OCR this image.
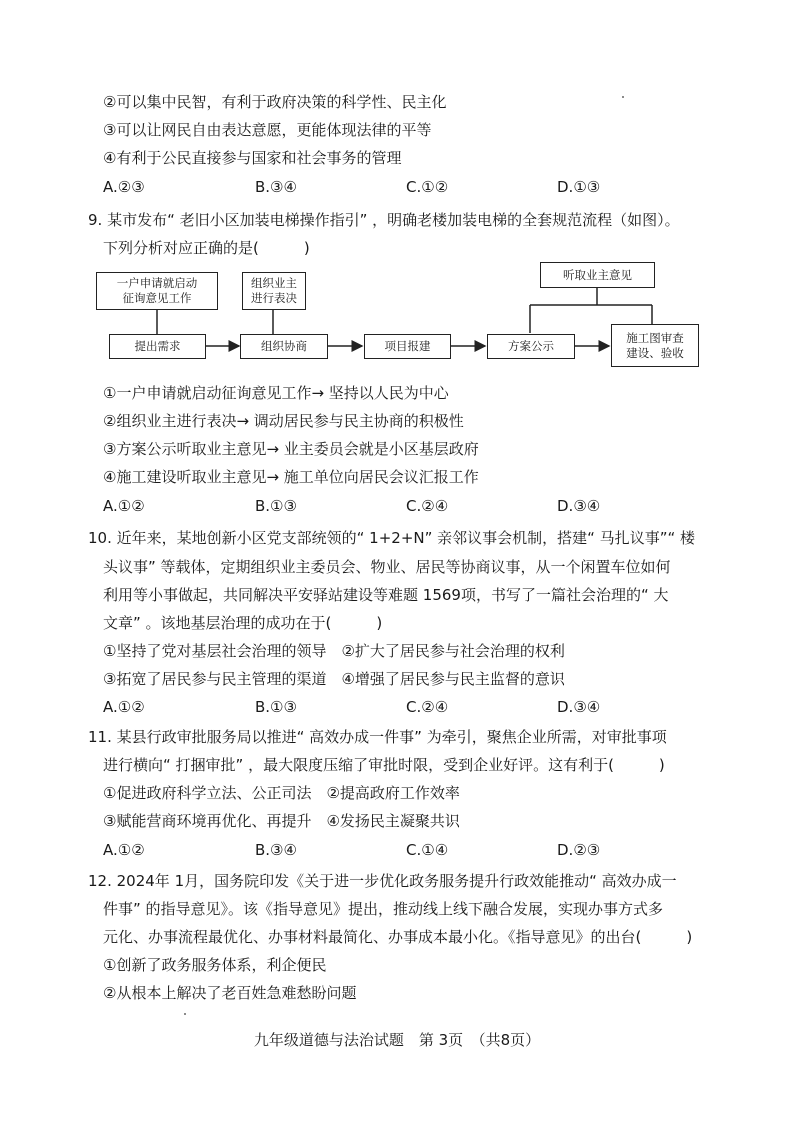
②可以集中民智，有利于政府决策的科学性、民主化
③可以让网民自由表达意愿，更能体现法律的平等
④有利于公民直接参与国家和社会事务的管理
A.②③	B.③④	C.①②	D.①③
9. 某市发布“ 老旧小区加装电梯操作指引” ，明确老楼加装电梯的全套规范流程（如图）。
下列分析对应正确的是(　　　)
一户申请就启动
征询意见工作
组织业主
进行表决
听取业主意见
提出需求	组织协商	项目报建	方案公示
施工图审查
建设、验收
①一户申请就启动征询意见工作→ 坚持以人民为中心
②组织业主进行表决→ 调动居民参与民主协商的积极性
③方案公示听取业主意见→ 业主委员会就是小区基层政府
④施工建设听取业主意见→ 施工单位向居民会议汇报工作
A.①②	B.①③	C.②④	D.③④
10. 近年来，某地创新小区党支部统领的“ 1+2+N” 亲邻议事会机制，搭建“ 马扎议事”“ 楼
头议事” 等载体，定期组织业主委员会、物业、居民等协商议事，从一个闲置车位如何
利用等小事做起，共同解决平安驿站建设等难题 1569项，书写了一篇社会治理的“ 大
文章” 。该地基层治理的成功在于(　　　)
①坚持了党对基层社会治理的领导　②扩大了居民参与社会治理的权利
③拓宽了居民参与民主管理的渠道　④增强了居民参与民主监督的意识
A.①②	B.①③	C.②④	D.③④
11. 某县行政审批服务局以推进“ 高效办成一件事” 为牵引，聚焦企业所需，对审批事项
进行横向“ 打捆审批” ，最大限度压缩了审批时限，受到企业好评。这有利于(　　　)
①促进政府科学立法、公正司法　②提高政府工作效率
③赋能营商环境再优化、再提升　④发扬民主凝聚共识
A.①②	B.③④	C.①④	D.②③
12. 2024年 1月，国务院印发《关于进一步优化政务服务提升行政效能推动“ 高效办成一
件事” 的指导意见》。该《指导意见》提出，推动线上线下融合发展，实现办事方式多
元化、办事流程最优化、办事材料最简化、办事成本最小化。《指导意见》的出台(　　　)
①创新了政务服务体系，利企便民
②从根本上解决了老百姓急难愁盼问题
九年级道德与法治试题　第 3页　（共8页）
